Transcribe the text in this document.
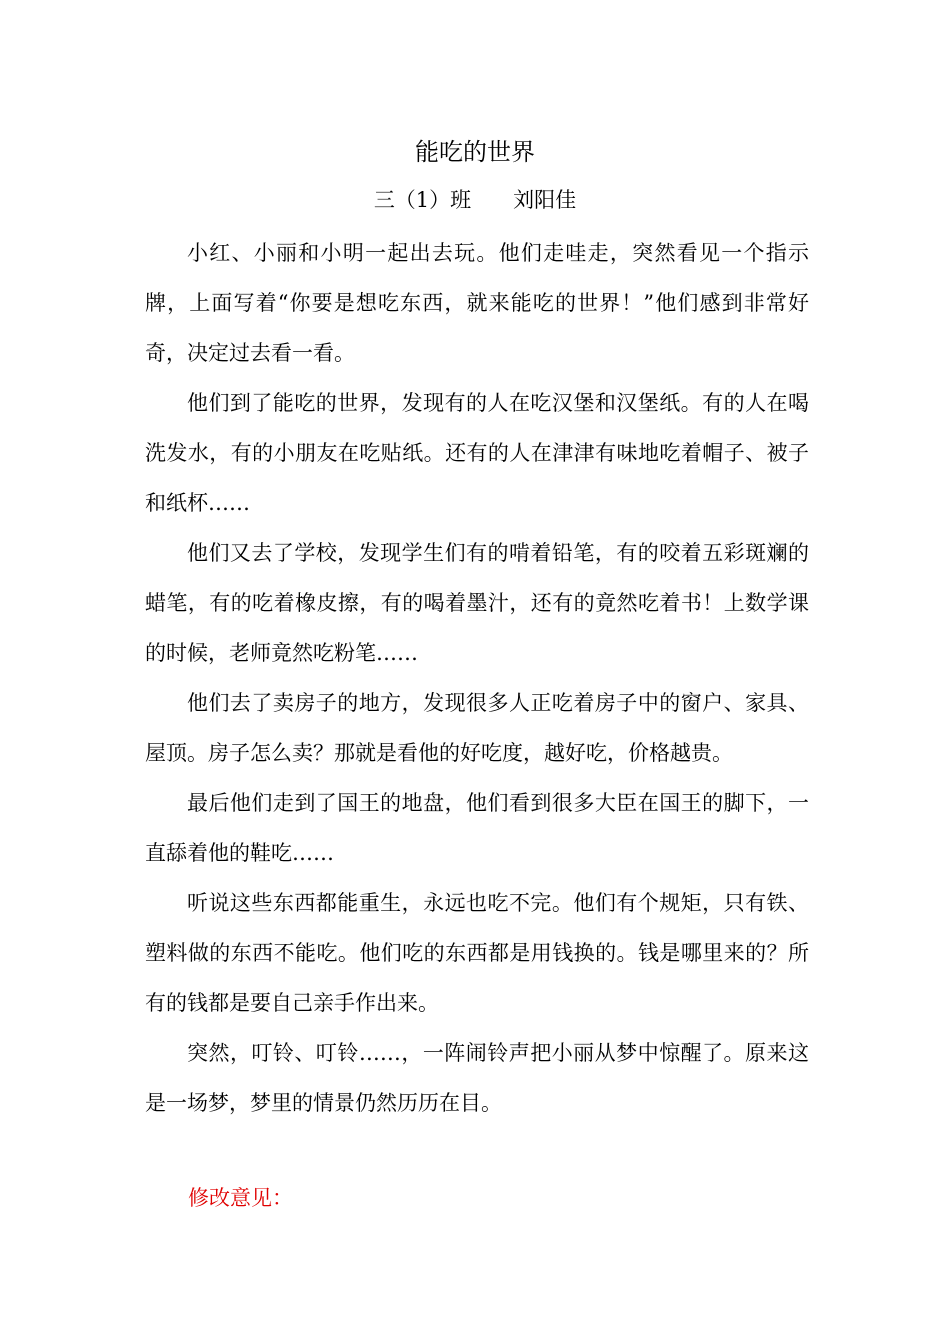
能吃的世界
三（1）班　　刘阳佳

小红、小丽和小明一起出去玩。他们走哇走，突然看见一个指示牌，上面写着“你要是想吃东西，就来能吃的世界！”他们感到非常好奇，决定过去看一看。

他们到了能吃的世界，发现有的人在吃汉堡和汉堡纸。有的人在喝洗发水，有的小朋友在吃贴纸。还有的人在津津有味地吃着帽子、被子和纸杯……

他们又去了学校，发现学生们有的啃着铅笔，有的咬着五彩斑斓的蜡笔，有的吃着橡皮擦，有的喝着墨汁，还有的竟然吃着书！上数学课的时候，老师竟然吃粉笔……

他们去了卖房子的地方，发现很多人正吃着房子中的窗户、家具、屋顶。房子怎么卖？那就是看他的好吃度，越好吃，价格越贵。

最后他们走到了国王的地盘，他们看到很多大臣在国王的脚下，一直舔着他的鞋吃……

听说这些东西都能重生，永远也吃不完。他们有个规矩，只有铁、塑料做的东西不能吃。他们吃的东西都是用钱换的。钱是哪里来的？所有的钱都是要自己亲手作出来。

突然，叮铃、叮铃……，一阵闹铃声把小丽从梦中惊醒了。原来这是一场梦，梦里的情景仍然历历在目。

修改意见：
